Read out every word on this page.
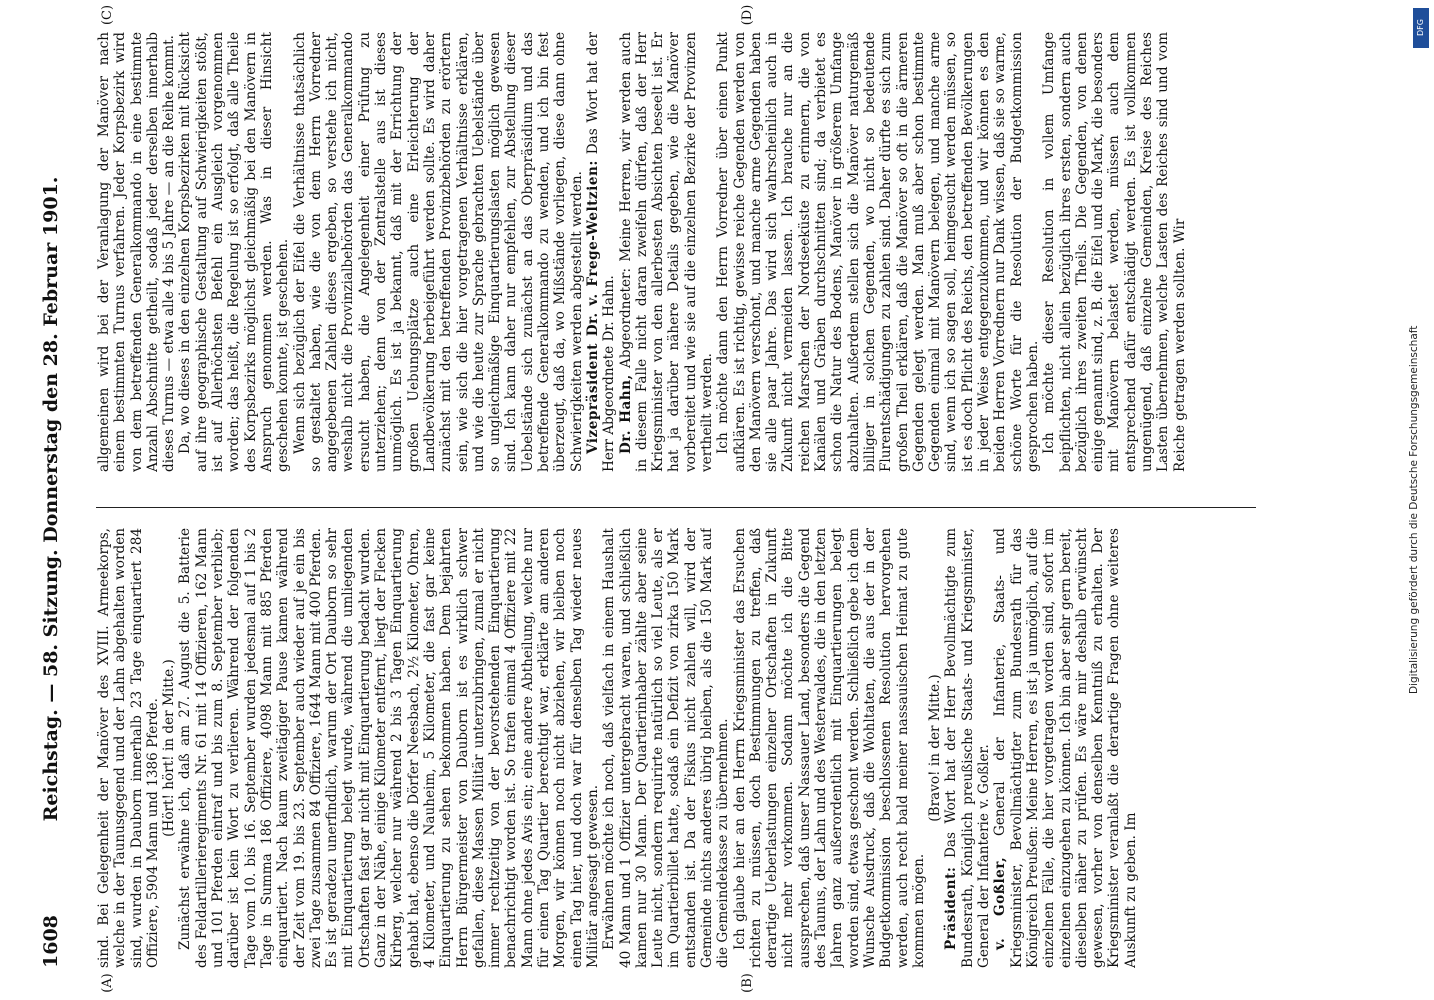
1608
Reichstag. — 58. Sitzung. Donnerstag den 28. Februar 1901.
(A)	(B)
(C)	(D)

sind. Bei Gelegenheit der Manöver des XVIII. Armeekorps, welche in der Taunusgegend und der Lahn abgehalten worden sind, wurden in Dauborn innerhalb 23 Tage einquartiert 284 Offiziere, 5904 Mann und 1386 Pferde. (Hört! hört! in der Mitte.) Zunächst erwähne ich, daß am 27. August die 5. Batterie des Feldartillerieregiments Nr. 61 mit 14 Offizieren, 162 Mann und 101 Pferden eintraf und bis zum 8. September verblieb; darüber ist kein Wort zu verlieren. Während der folgenden Tage vom 10. bis 16. September wurden jedesmal auf 1 bis 2 Tage in Summa 186 Offiziere, 4098 Mann mit 885 Pferden einquartiert. Nach kaum zweitägiger Pause kamen während der Zeit vom 19. bis 23. September auch wieder auf je ein bis zwei Tage zusammen 84 Offiziere, 1644 Mann mit 400 Pferden. Es ist geradezu unerfindlich, warum der Ort Dauborn so sehr mit Einquartierung belegt wurde, während die umliegenden Ortschaften fast gar nicht mit Einquartierung bedacht wurden. Ganz in der Nähe, einige Kilometer entfernt, liegt der Flecken Kirberg, welcher nur während 2 bis 3 Tagen Einquartierung gehabt hat, ebenso die Dörfer Neesbach, 2½ Kilometer, Ohren, 4 Kilometer, und Nauheim, 5 Kilometer, die fast gar keine Einquartierung zu sehen bekommen haben. Dem bejahrten Herrn Bürgermeister von Dauborn ist es wirklich schwer gefallen, diese Massen Militär unterzubringen, zumal er nicht immer rechtzeitig von der bevorstehenden Einquartierung benachrichtigt worden ist. So trafen einmal 4 Offiziere mit 22 Mann ohne jedes Avis ein; eine andere Abtheilung, welche nur für einen Tag Quartier berechtigt war, erklärte am anderen Morgen, wir können noch nicht abziehen, wir bleiben noch einen Tag hier, und doch war für denselben Tag wieder neues Militär angesagt gewesen. Erwähnen möchte ich noch, daß vielfach in einem Haushalt 40 Mann und 1 Offizier untergebracht waren, und schließlich kamen nur 30 Mann. Der Quartierinhaber zählte aber seine Leute nicht, sondern requirirte natürlich so viel Leute, als er im Quartierbillet hatte, sodaß ein Defizit von zirka 150 Mark entstanden ist. Da der Fiskus nicht zahlen will, wird der Gemeinde nichts anderes übrig bleiben, als die 150 Mark auf die Gemeindekasse zu übernehmen. Ich glaube hier an den Herrn Kriegsminister das Ersuchen richten zu müssen, doch Bestimmungen zu treffen, daß derartige Ueberlastungen einzelner Ortschaften in Zukunft nicht mehr vorkommen. Sodann möchte ich die Bitte aussprechen, daß unser Nassauer Land, besonders die Gegend des Taunus, der Lahn und des Westerwaldes, die in den letzten Jahren ganz außerordentlich mit Einquartierungen belegt worden sind, etwas geschont werden. Schließlich gebe ich dem Wunsche Ausdruck, daß die Wohltaten, die aus der in der Budgetkommission beschlossenen Resolution hervorgehen werden, auch recht bald meiner nassauischen Heimat zu gute kommen mögen.

(Bravo! in der Mitte.)

Präsident: Das Wort hat der Herr Bevollmächtigte zum Bundesrath, Königlich preußische Staats- und Kriegsminister, General der Infanterie v. Goßler. v. Goßler, General der Infanterie, Staats- und Kriegsminister, Bevollmächtigter zum Bundesrath für das Königreich Preußen: Meine Herren, es ist ja unmöglich, auf die einzelnen Fälle, die hier vorgetragen worden sind, sofort im einzelnen einzugehen zu können. Ich bin aber sehr gern bereit, dieselben näher zu prüfen. Es wäre mir deshalb erwünscht gewesen, vorher von denselben Kenntniß zu erhalten. Der Kriegsminister veranlaßt die derartige Fragen ohne weiteres Auskunft zu geben. Im

allgemeinen wird bei der Veranlagung der Manöver nach einem bestimmten Turnus verfahren. Jeder Korpsbezirk wird von dem betreffenden Generalkommando in eine bestimmte Anzahl Abschnitte getheilt, sodaß jeder derselben innerhalb dieses Turnus — etwa alle 4 bis 5 Jahre — an die Reihe kommt. Da, wo dieses in den einzelnen Korpsbezirken mit Rücksicht auf ihre geographische Gestaltung auf Schwierigkeiten stößt, ist auf Allerhöchsten Befehl ein Ausgleich vorgenommen worden; das heißt, die Regelung ist so erfolgt, daß alle Theile des Korpsbezirks möglichst gleichmäßig bei den Manövern in Anspruch genommen werden. Was in dieser Hinsicht geschehen konnte, ist geschehen. Wenn sich bezüglich der Eifel die Verhältnisse thatsächlich so gestaltet haben, wie die von dem Herrn Vorredner angegebenen Zahlen dieses ergeben, so verstehe ich nicht, weshalb nicht die Provinzialbehörden das Generalkommando ersucht haben, die Angelegenheit einer Prüfung zu unterziehen; denn von der Zentralstelle aus ist dieses unmöglich. Es ist ja bekannt, daß mit der Errichtung der großen Uebungsplätze auch eine Erleichterung der Landbevölkerung herbeigeführt werden sollte. Es wird daher zunächst mit den betreffenden Provinzbehörden zu erörtern sein, wie sich die hier vorgetragenen Verhältnisse erklären, und wie die heute zur Sprache gebrachten Uebelstände über so ungleichmäßige Einquartierungslasten möglich gewesen sind. Ich kann daher nur empfehlen, zur Abstellung dieser Uebelstände sich zunächst an das Oberpräsidium und das betreffende Generalkommando zu wenden, und ich bin fest überzeugt, daß da, wo Mißstände vorliegen, diese dann ohne Schwierigkeiten werden abgestellt werden. Vizepräsident Dr. v. Frege-Weltzien: Das Wort hat der Herr Abgeordnete Dr. Hahn. Dr. Hahn, Abgeordneter: Meine Herren, wir werden auch in diesem Falle nicht daran zweifeln dürfen, daß der Herr Kriegsminister von den allerbesten Absichten beseelt ist. Er hat ja darüber nähere Details gegeben, wie die Manöver vorbereitet und wie sie auf die einzelnen Bezirke der Provinzen vertheilt werden. Ich möchte dann den Herrn Vorredner über einen Punkt aufklären. Es ist richtig, gewisse reiche Gegenden werden von den Manövern verschont, und manche arme Gegenden haben sie alle paar Jahre. Das wird sich wahrscheinlich auch in Zukunft nicht vermeiden lassen. Ich brauche nur an die reichen Marschen der Nordseeküste zu erinnern, die von Kanälen und Gräben durchschnitten sind; da verbietet es schon die Natur des Bodens, Manöver in größerem Umfange abzuhalten. Außerdem stellen sich die Manöver naturgemäß billiger in solchen Gegenden, wo nicht so bedeutende Flurentschädigungen zu zahlen sind. Daher dürfte es sich zum großen Theil erklären, daß die Manöver so oft in die ärmeren Gegenden gelegt werden. Man muß aber schon bestimmte Gegenden einmal mit Manövern belegen, und manche arme sind, wenn ich so sagen soll, heimgesucht werden müssen, so ist es doch Pflicht des Reichs, den betreffenden Bevölkerungen in jeder Weise entgegenzukommen, und wir können es den beiden Herren Vorrednern nur Dank wissen, daß sie so warme, schöne Worte für die Resolution der Budgetkommission gesprochen haben. Ich möchte dieser Resolution in vollem Umfange beipflichten, nicht allein bezüglich ihres ersten, sondern auch bezüglich ihres zweiten Theils. Die Gegenden, von denen einige genannt sind, z. B. die Eifel und die Mark, die besonders mit Manövern belastet werden, müssen auch dem entsprechend dafür entschädigt werden. Es ist vollkommen ungenügend, daß einzelne Gemeinden, Kreise des Reiches Lasten übernehmen, welche Lasten des Reiches sind und vom Reiche getragen werden sollten. Wir

DFG
Digitalisierung gefördert durch die Deutsche Forschungsgemeinschaft
